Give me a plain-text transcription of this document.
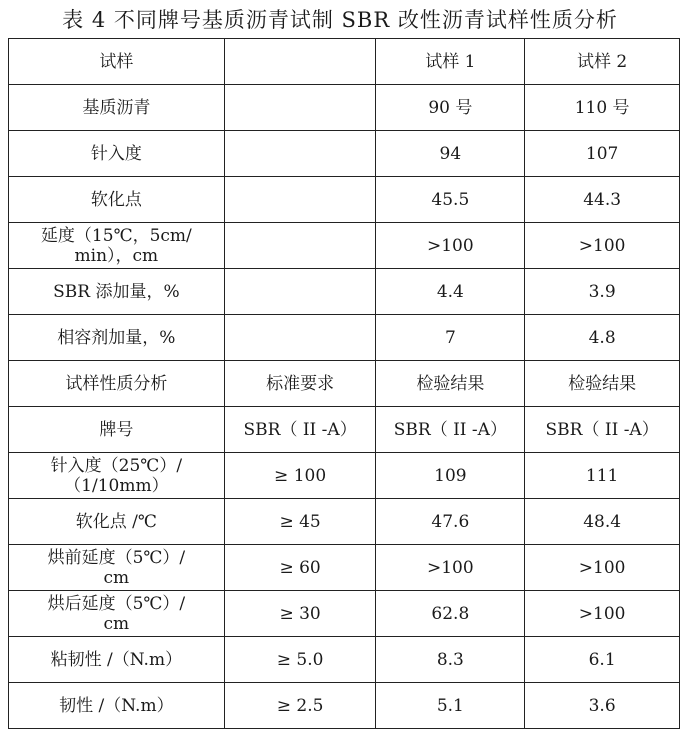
表 4 不同牌号基质沥青试制 SBR 改性沥青试样性质分析
试样		试样 1	试样 2

基质沥青		90 号	110 号

针入度		94	107

软化点		45.5	44.3

延度（15℃，5cm/
min），cm		>100	>100

SBR 添加量，%		4.4	3.9

相容剂加量，%		7	4.8

试样性质分析	标准要求	检验结果	检验结果

牌号	SBR（ II -A）	SBR（ II -A）	SBR（ II -A）

针入度（25℃）/
（1/10mm）	≥ 100	109	111

软化点 /℃	≥ 45	47.6	48.4

烘前延度（5℃）/
cm	≥ 60	>100	>100

烘后延度（5℃）/
cm	≥ 30	62.8	>100

粘韧性 /（N.m）	≥ 5.0	8.3	6.1

韧性 /（N.m）	≥ 2.5	5.1	3.6
